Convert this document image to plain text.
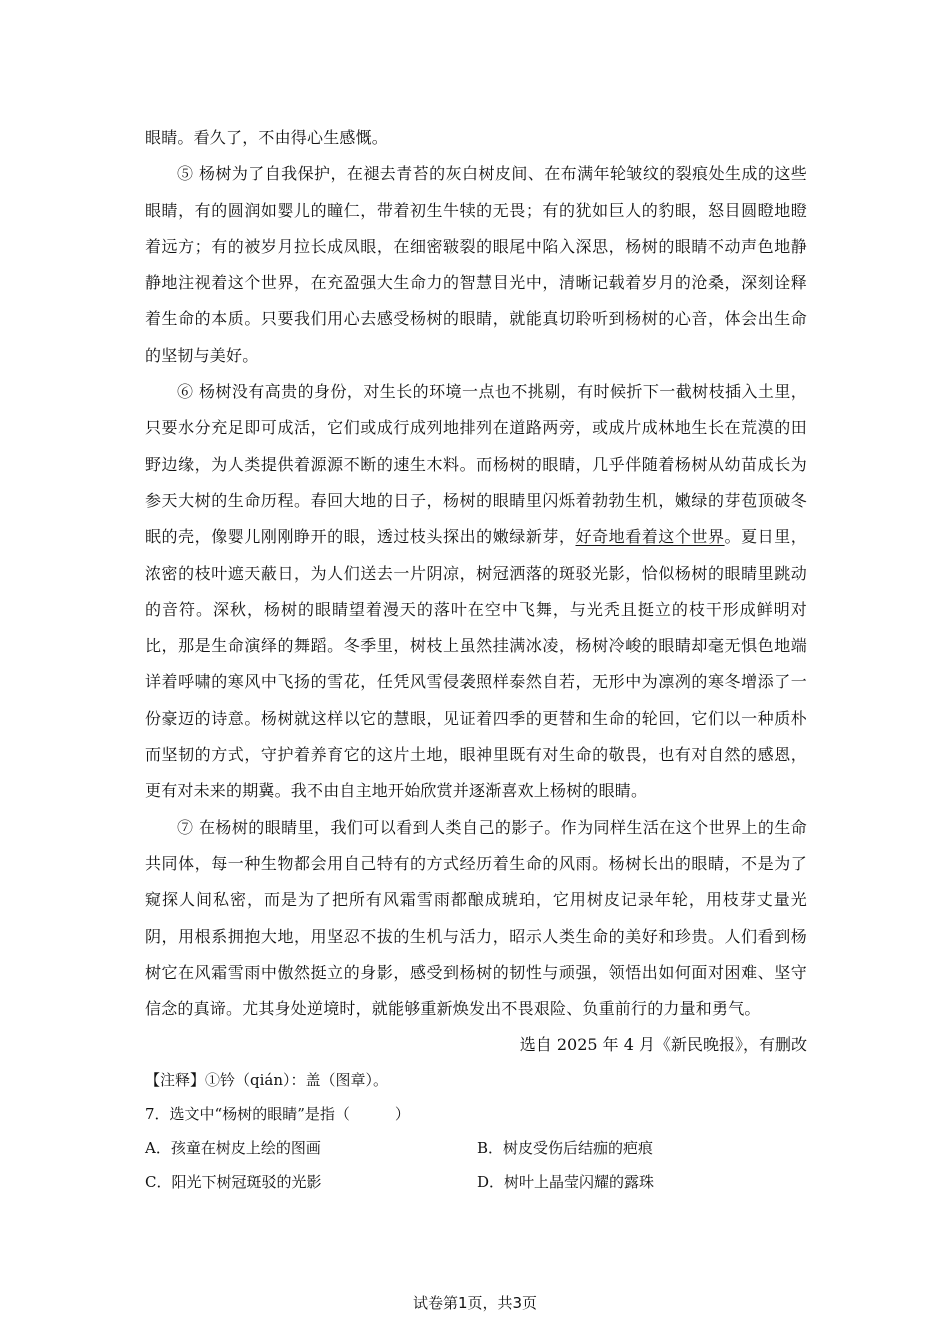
眼睛。看久了，不由得心生感慨。

⑤ 杨树为了自我保护，在褪去青苔的灰白树皮间、在布满年轮皱纹的裂痕处生成的这些眼睛，有的圆润如婴儿的瞳仁，带着初生牛犊的无畏；有的犹如巨人的豹眼，怒目圆瞪地瞪着远方；有的被岁月拉长成凤眼，在细密皲裂的眼尾中陷入深思，杨树的眼睛不动声色地静静地注视着这个世界，在充盈强大生命力的智慧目光中，清晰记载着岁月的沧桑，深刻诠释着生命的本质。只要我们用心去感受杨树的眼睛，就能真切聆听到杨树的心音，体会出生命的坚韧与美好。

⑥ 杨树没有高贵的身份，对生长的环境一点也不挑剔，有时候折下一截树枝插入土里，只要水分充足即可成活，它们或成行成列地排列在道路两旁，或成片成林地生长在荒漠的田野边缘，为人类提供着源源不断的速生木料。而杨树的眼睛，几乎伴随着杨树从幼苗成长为参天大树的生命历程。春回大地的日子，杨树的眼睛里闪烁着勃勃生机，嫩绿的芽苞顶破冬眠的壳，像婴儿刚刚睁开的眼，透过枝头探出的嫩绿新芽，好奇地看着这个世界。夏日里，浓密的枝叶遮天蔽日，为人们送去一片阴凉，树冠洒落的斑驳光影，恰似杨树的眼睛里跳动的音符。深秋，杨树的眼睛望着漫天的落叶在空中飞舞，与光秃且挺立的枝干形成鲜明对比，那是生命演绎的舞蹈。冬季里，树枝上虽然挂满冰凌，杨树冷峻的眼睛却毫无惧色地端详着呼啸的寒风中飞扬的雪花，任凭风雪侵袭照样泰然自若，无形中为凛冽的寒冬增添了一份豪迈的诗意。杨树就这样以它的慧眼，见证着四季的更替和生命的轮回，它们以一种质朴而坚韧的方式，守护着养育它的这片土地，眼神里既有对生命的敬畏，也有对自然的感恩，更有对未来的期冀。我不由自主地开始欣赏并逐渐喜欢上杨树的眼睛。

⑦ 在杨树的眼睛里，我们可以看到人类自己的影子。作为同样生活在这个世界上的生命共同体，每一种生物都会用自己特有的方式经历着生命的风雨。杨树长出的眼睛，不是为了窥探人间私密，而是为了把所有风霜雪雨都酿成琥珀，它用树皮记录年轮，用枝芽丈量光阴，用根系拥抱大地，用坚忍不拔的生机与活力，昭示人类生命的美好和珍贵。人们看到杨树它在风霜雪雨中傲然挺立的身影，感受到杨树的韧性与顽强，领悟出如何面对困难、坚守信念的真谛。尤其身处逆境时，就能够重新焕发出不畏艰险、负重前行的力量和勇气。

选自 2025 年 4 月《新民晚报》，有删改

【注释】①钤（qián）：盖（图章）。

7．选文中“杨树的眼睛”是指（　　　）

A．孩童在树皮上绘的图画	B．树皮受伤后结痂的疤痕
C．阳光下树冠斑驳的光影	D．树叶上晶莹闪耀的露珠
试卷第1页，共3页
